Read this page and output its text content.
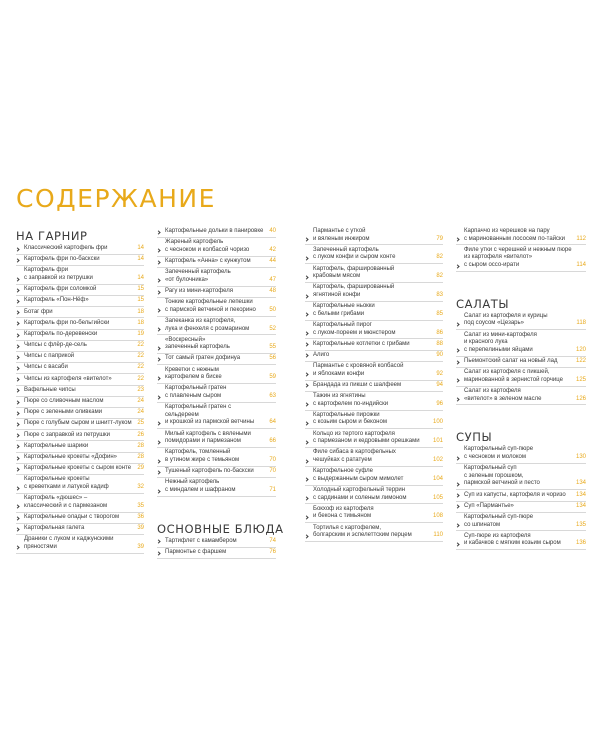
СОДЕРЖАНИЕ
НА ГАРНИР
Классический картофель фри	14
Картофель фри по-баскски	14
Картофель фри
с заправкой из петрушки	14
Картофель фри соломкой	15
Картофель «Пон-Нёф»	15
Ботаг фри	18
Картофель фри по-бельгийски	18
Картофель по-деревенски	19
Чипсы с флёр-де-сель	22
Чипсы с паприкой	22
Чипсы с васаби	22
Чипсы из картофеля «вителот»	22
Вафельные чипсы	23
Пюре со сливочным маслом	24
Пюре с зелеными оливками	24
Пюре с голубым сыром и шнитт-луком 25
Пюре с заправкой из петрушки	26
Картофельные шарики	28
Картофельные крокеты «Дофин»	28
Картофельные крокеты с сыром конте	29
Картофельные крокеты
с креветками и латукой кадиф	32
Картофель «дюшес» –
классический и с пармезаном	35
Картофельные оладьи с творогом	36
Картофельная галета	39
Драники с луком и каджунскими
пряностями	39
Картофельные дольки в панировке 40
Жареный картофель
с чесноком и колбасой чоризо	42
Картофель «Анна» с кунжутом	44
Запеченный картофель
«от булочника»	47
Рагу из мини-картофеля	48
Тонкие картофельные лепешки
с пармской ветчиной и пекорино	50
Запеканка из картофеля,
лука и фенхеля с розмарином	52
«Воскресный»
запеченный картофель	55
Тот самый гратен дофинуа	56
Креветки с нежным
картофелем в биске	59
Картофельный гратен
с плавленым сыром	63
Картофельный гратен с сельдереем
и крошкой из пармской ветчины	64
Милый картофель с вялеными
помидорами и пармезаном	66
Картофель, томленный
в утином жире с темьяном	70
Тушеный картофель по-баскски	70
Нежный картофель
с миндалем и шафраном	71
ОСНОВНЫЕ БЛЮДА
Тартифлет с камамбером	74
Пармонтье с фаршем	76
Пармантье с уткой
и вяленым инжиром	79
Запеченный картофель
с луком конфи и сыром конте	82
Картофель, фаршированный
крабовым мясом	82
Картофель, фаршированный
ягнятиной конфи	83
Картофельные ньокки
с белыми грибами	85
Картофельный пирог
с луком-пореем и мюнстером	86
Картофельные котлетки с грибами	88
Алиго	90
Пармантье с кровяной колбасой
и яблоками конфи	92
Брандада из пикши с шалфеем	94
Тажин из ягнятины
с картофелем по-индийски	96
Картофельные пирожки
с козьим сыром и беконом	100
Кольцо из тертого картофеля
с пармезаном и кедровыми орешками	101
Филе сибаса в картофельных
чешуйках с рататуем	102
Картофельное суфле
с выдержанным сыром мимолет	104
Холодный картофельный террин
с сардинами и соленым лимоном	105
Бокхоф из картофеля
и бекона с тимьяном	108
Тортилья с картофелем,
болгарским и эспелеттским перцем	110
Карпаччо из черешков на пару
с маринованным лососем по-тайски	112
Филе утки с черешней и нежным пюре
из картофеля «вителот»
с сыром оссо-ирати	114
САЛАТЫ
Салат из картофеля и курицы
под соусом «Цезарь»	118
Салат из мини-картофеля
и красного лука
с перепелиными яйцами	120
Пьемонтский салат на новый лад	122
Салат из картофеля с пикшей,
маринованной в зернистой горчице	125
Салат из картофеля
«вителот» в зеленом масле	126
СУПЫ
Картофельный суп-пюре
с чесноком и молоком	130
Картофельный суп
с зеленым горошком,
пармской ветчиной и песто	134
Суп из капусты, картофеля и чоризо	134
Суп «Пармантье»	134
Картофельный суп-пюре
со шпинатом	135
Суп-пюре из картофеля
и кабачков с мягким козьим сыром	136
